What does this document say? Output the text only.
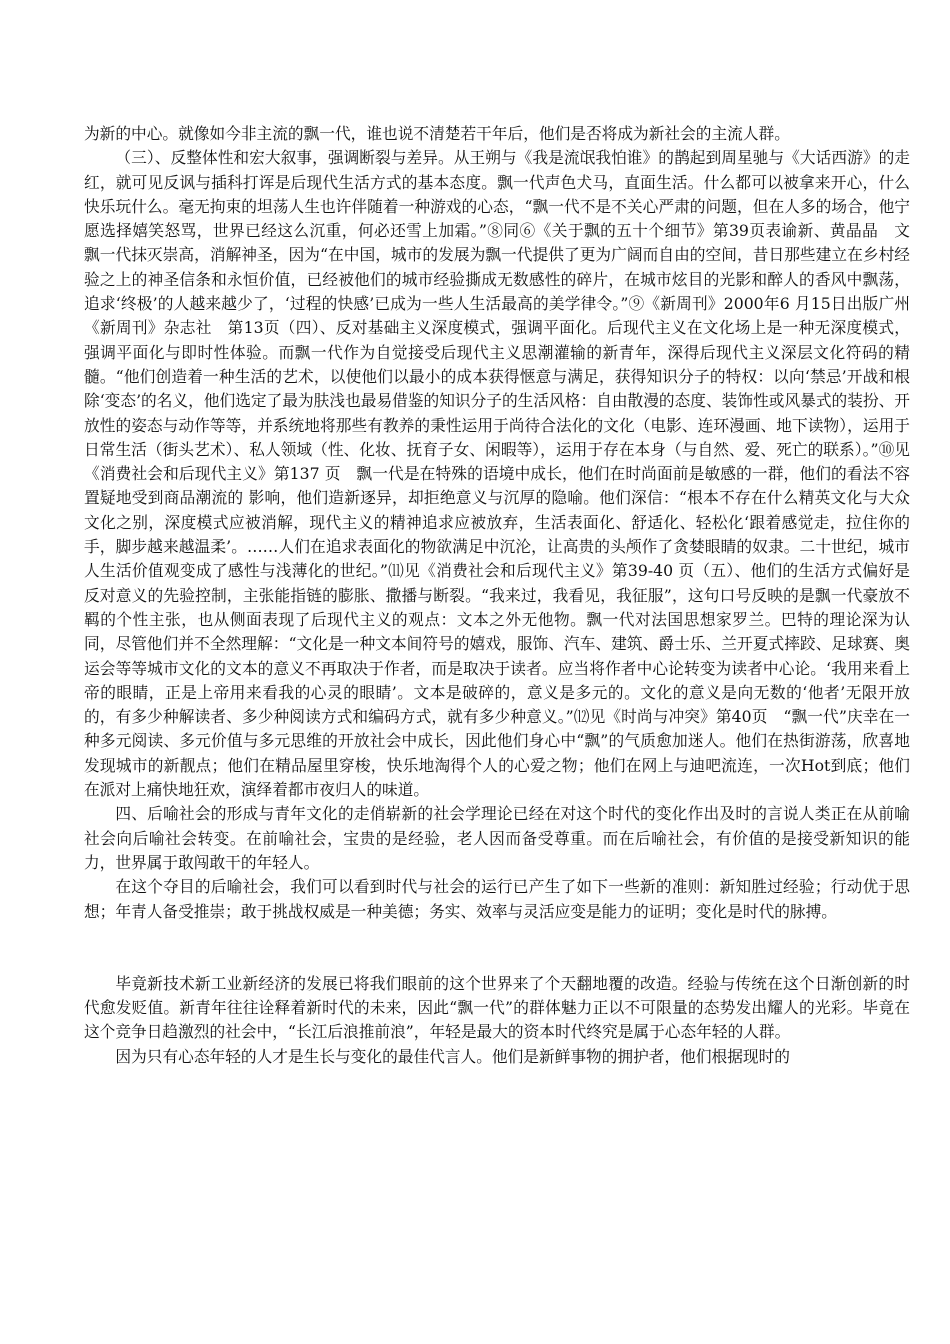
为新的中心。就像如今非主流的飘一代，谁也说不清楚若干年后，他们是否将成为新社会的主流人群。

（三）、反整体性和宏大叙事，强调断裂与差异。从王朔与《我是流氓我怕谁》的鹊起到周星驰与《大话西游》的走红，就可见反讽与插科打诨是后现代生活方式的基本态度。飘一代声色犬马，直面生活。什么都可以被拿来开心，什么快乐玩什么。毫无拘束的坦荡人生也许伴随着一种游戏的心态，“飘一代不是不关心严肃的问题，但在人多的场合，他宁愿选择嬉笑怒骂，世界已经这么沉重，何必还雪上加霜。”⑧同⑥《关于飘的五十个细节》第39页表谕新、黄晶晶　文　飘一代抹灭崇高，消解神圣，因为“在中国，城市的发展为飘一代提供了更为广阔而自由的空间，昔日那些建立在乡村经验之上的神圣信条和永恒价值，已经被他们的城市经验撕成无数感性的碎片，在城市炫目的光影和醉人的香风中飘荡，追求‘终极’的人越来越少了，‘过程的快感’已成为一些人生活最高的美学律令。”⑨《新周刊》2000年6 月15日出版广州《新周刊》杂志社　第13页（四）、反对基础主义深度模式，强调平面化。后现代主义在文化场上是一种无深度模式，强调平面化与即时性体验。而飘一代作为自觉接受后现代主义思潮灌输的新青年，深得后现代主义深层文化符码的精髓。“他们创造着一种生活的艺术，以使他们以最小的成本获得惬意与满足，获得知识分子的特权：以向‘禁忌’开战和根除‘变态’的名义，他们选定了最为肤浅也最易借鉴的知识分子的生活风格：自由散漫的态度、装饰性或风暴式的装扮、开放性的姿态与动作等等，并系统地将那些有教养的秉性运用于尚待合法化的文化（电影、连环漫画、地下读物），运用于日常生活（街头艺术）、私人领域（性、化妆、抚育子女、闲暇等），运用于存在本身（与自然、爱、死亡的联系）。”⑩见《消费社会和后现代主义》第137 页　飘一代是在特殊的语境中成长，他们在时尚面前是敏感的一群，他们的看法不容置疑地受到商品潮流的 影响，他们造新逐异，却拒绝意义与沉厚的隐喻。他们深信：“根本不存在什么精英文化与大众文化之别，深度模式应被消解，现代主义的精神追求应被放弃，生活表面化、舒适化、轻松化‘跟着感觉走，拉住你的手，脚步越来越温柔’。……人们在追求表面化的物欲满足中沉沦，让高贵的头颅作了贪婪眼睛的奴隶。二十世纪，城市人生活价值观变成了感性与浅薄化的世纪。”⑾见《消费社会和后现代主义》第39-40 页（五）、他们的生活方式偏好是反对意义的先验控制，主张能指链的膨胀、撒播与断裂。“我来过，我看见，我征服”，这句口号反映的是飘一代豪放不羁的个性主张，也从侧面表现了后现代主义的观点：文本之外无他物。飘一代对法国思想家罗兰。巴特的理论深为认同，尽管他们并不全然理解：“文化是一种文本间符号的嬉戏，服饰、汽车、建筑、爵士乐、兰开夏式摔跤、足球赛、奥运会等等城市文化的文本的意义不再取决于作者，而是取决于读者。应当将作者中心论转变为读者中心论。‘我用来看上帝的眼睛，正是上帝用来看我的心灵的眼睛’。文本是破碎的，意义是多元的。文化的意义是向无数的‘他者’无限开放的，有多少种解读者、多少种阅读方式和编码方式，就有多少种意义。”⑿见《时尚与冲突》第40页　“飘一代”庆幸在一种多元阅读、多元价值与多元思维的开放社会中成长，因此他们身心中“飘”的气质愈加迷人。他们在热街游荡，欣喜地发现城市的新靓点；他们在精品屋里穿梭，快乐地淘得个人的心爱之物；他们在网上与迪吧流连，一次Hot到底；他们在派对上痛快地狂欢，演绎着都市夜归人的味道。

四、后喻社会的形成与青年文化的走俏崭新的社会学理论已经在对这个时代的变化作出及时的言说人类正在从前喻社会向后喻社会转变。在前喻社会，宝贵的是经验，老人因而备受尊重。而在后喻社会，有价值的是接受新知识的能力，世界属于敢闯敢干的年轻人。

在这个夺目的后喻社会，我们可以看到时代与社会的运行已产生了如下一些新的准则：新知胜过经验；行动优于思想；年青人备受推崇；敢于挑战权威是一种美德；务实、效率与灵活应变是能力的证明；变化是时代的脉搏。

毕竟新技术新工业新经济的发展已将我们眼前的这个世界来了个天翻地覆的改造。经验与传统在这个日渐创新的时代愈发贬值。新青年往往诠释着新时代的未来，因此“飘一代”的群体魅力正以不可限量的态势发出耀人的光彩。毕竟在这个竞争日趋激烈的社会中，“长江后浪推前浪”，年轻是最大的资本时代终究是属于心态年轻的人群。

因为只有心态年轻的人才是生长与变化的最佳代言人。他们是新鲜事物的拥护者，他们根据现时的
